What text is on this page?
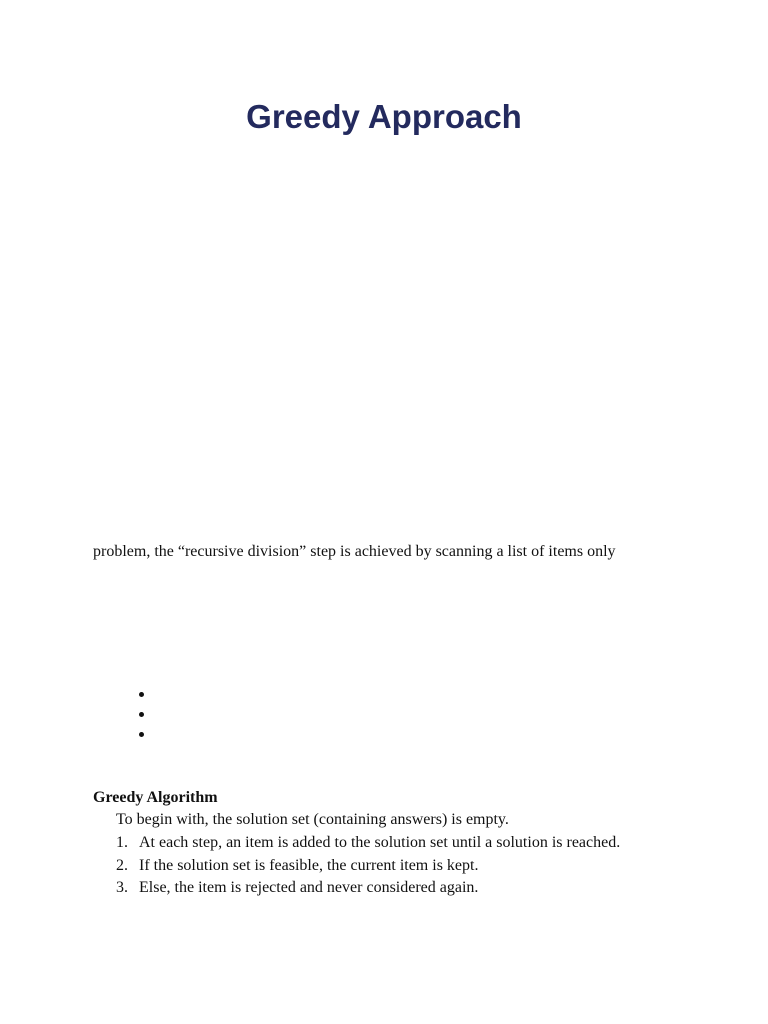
Greedy Approach

problem, the “recursive division” step is achieved by scanning a list of items only

Greedy Algorithm

To begin with, the solution set (containing answers) is empty.

1. At each step, an item is added to the solution set until a solution is reached.
2. If the solution set is feasible, the current item is kept.
3. Else, the item is rejected and never considered again.
